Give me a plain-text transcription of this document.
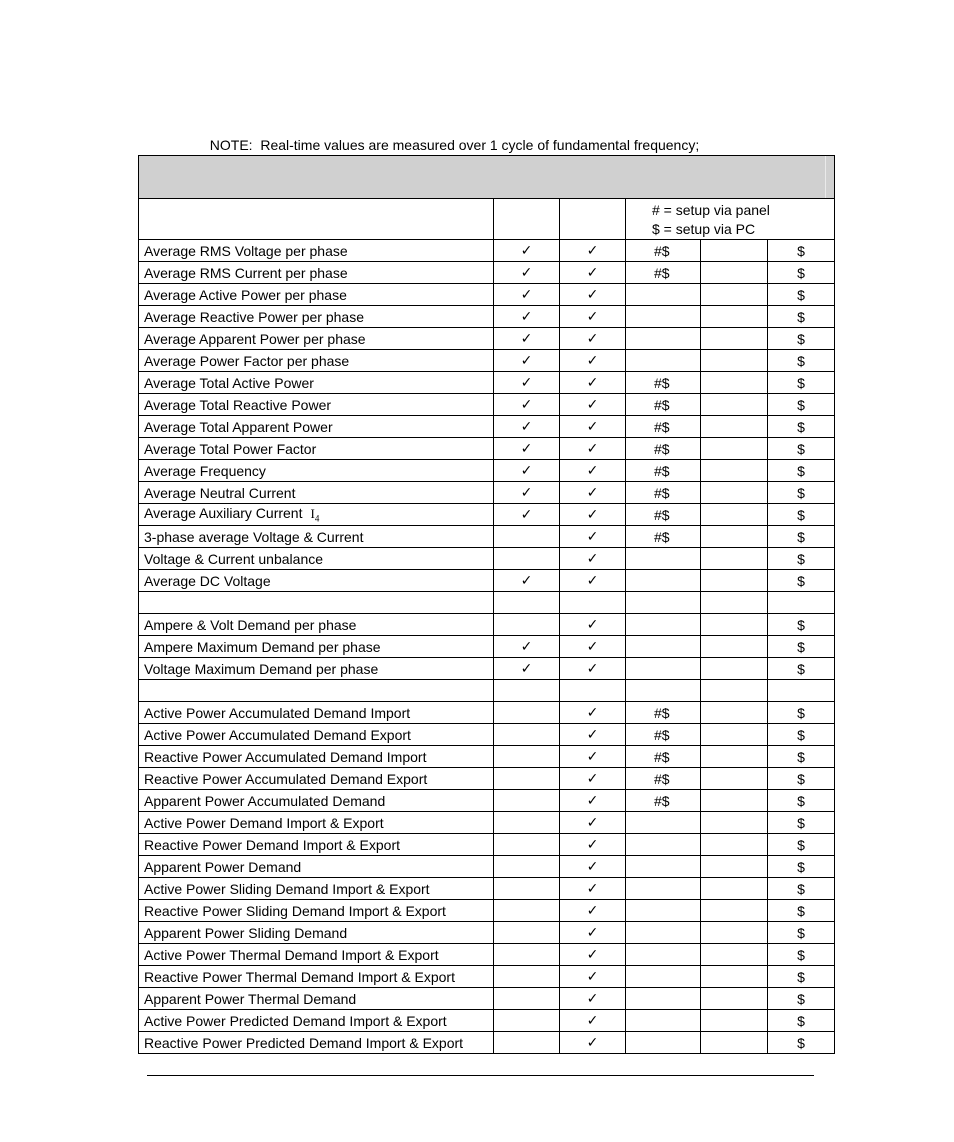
NOTE:  Real-time values are measured over 1 cycle of fundamental frequency;

			# = setup via panel
$ = setup via PC		

Average RMS Voltage per phase	✓	✓	#$		$
Average RMS Current per phase	✓	✓	#$		$
Average Active Power per phase	✓	✓			$
Average Reactive Power per phase	✓	✓			$
Average Apparent Power per phase	✓	✓			$
Average Power Factor per phase	✓	✓			$
Average Total Active Power	✓	✓	#$		$
Average Total Reactive Power	✓	✓	#$		$
Average Total Apparent Power	✓	✓	#$		$
Average Total Power Factor	✓	✓	#$		$
Average Frequency	✓	✓	#$		$
Average Neutral Current	✓	✓	#$		$
Average Auxiliary Current $I_4$	✓	✓	#$		$
3-phase average Voltage & Current		✓	#$		$
Voltage & Current unbalance		✓			$
Average DC Voltage	✓	✓			$

Ampere & Volt Demand per phase		✓			$
Ampere Maximum Demand per phase	✓	✓			$
Voltage Maximum Demand per phase	✓	✓			$

Active Power Accumulated Demand Import		✓	#$		$
Active Power Accumulated Demand Export		✓	#$		$
Reactive Power Accumulated Demand Import		✓	#$		$
Reactive Power Accumulated Demand Export		✓	#$		$
Apparent Power Accumulated Demand		✓	#$		$
Active Power Demand Import & Export		✓			$
Reactive Power Demand Import & Export		✓			$
Apparent Power Demand		✓			$
Active Power Sliding Demand Import & Export		✓			$
Reactive Power Sliding Demand Import & Export		✓			$
Apparent Power Sliding Demand		✓			$
Active Power Thermal Demand Import & Export		✓			$
Reactive Power Thermal Demand Import & Export		✓			$
Apparent Power Thermal Demand		✓			$
Active Power Predicted Demand Import & Export		✓			$
Reactive Power Predicted Demand Import & Export		✓			$
